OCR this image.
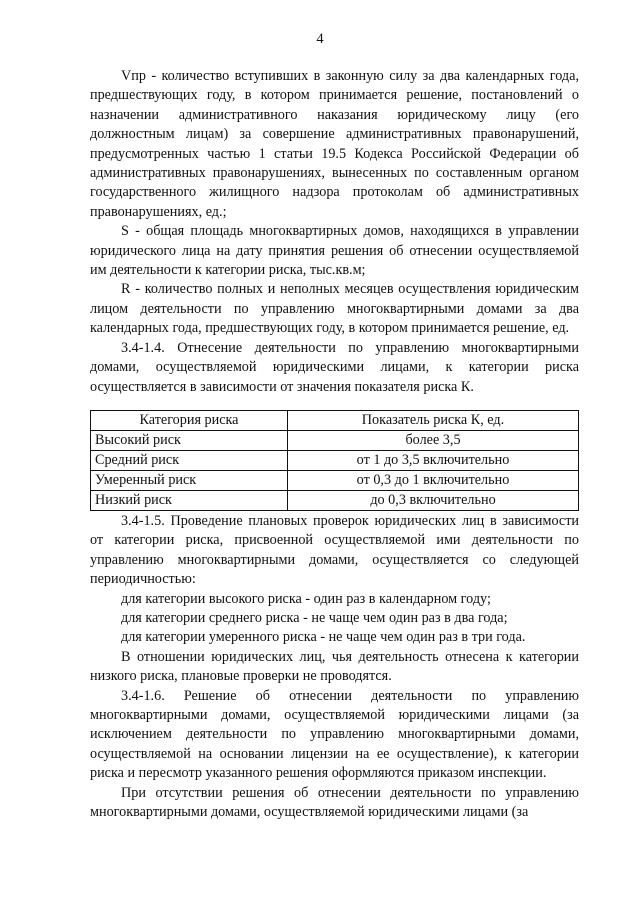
4

Vпр - количество вступивших в законную силу за два календарных года, предшествующих году, в котором принимается решение, постановлений о назначении административного наказания юридическому лицу (его должностным лицам) за совершение административных правонарушений, предусмотренных частью 1 статьи 19.5 Кодекса Российской Федерации об административных правонарушениях, вынесенных по составленным органом государственного жилищного надзора протоколам об административных правонарушениях, ед.;

S - общая площадь многоквартирных домов, находящихся в управлении юридического лица на дату принятия решения об отнесении осуществляемой им деятельности к категории риска, тыс.кв.м;

R - количество полных и неполных месяцев осуществления юридическим лицом деятельности по управлению многоквартирными домами за два календарных года, предшествующих году, в котором принимается решение, ед.

3.4-1.4. Отнесение деятельности по управлению многоквартирными домами, осуществляемой юридическими лицами, к категории риска осуществляется в зависимости от значения показателя риска К.

Категория риска	Показатель риска К, ед.
Высокий риск	более 3,5
Средний риск	от 1 до 3,5 включительно
Умеренный риск	от 0,3 до 1 включительно
Низкий риск	до 0,3 включительно

3.4-1.5. Проведение плановых проверок юридических лиц в зависимости от категории риска, присвоенной осуществляемой ими деятельности по управлению многоквартирными домами, осуществляется со следующей периодичностью:

для категории высокого риска - один раз в календарном году;

для категории среднего риска - не чаще чем один раз в два года;

для категории умеренного риска - не чаще чем один раз в три года.

В отношении юридических лиц, чья деятельность отнесена к категории низкого риска, плановые проверки не проводятся.

3.4-1.6. Решение об отнесении деятельности по управлению многоквартирными домами, осуществляемой юридическими лицами (за исключением деятельности по управлению многоквартирными домами, осуществляемой на основании лицензии на ее осуществление), к категории риска и пересмотр указанного решения оформляются приказом инспекции.

При отсутствии решения об отнесении деятельности по управлению многоквартирными домами, осуществляемой юридическими лицами (за
